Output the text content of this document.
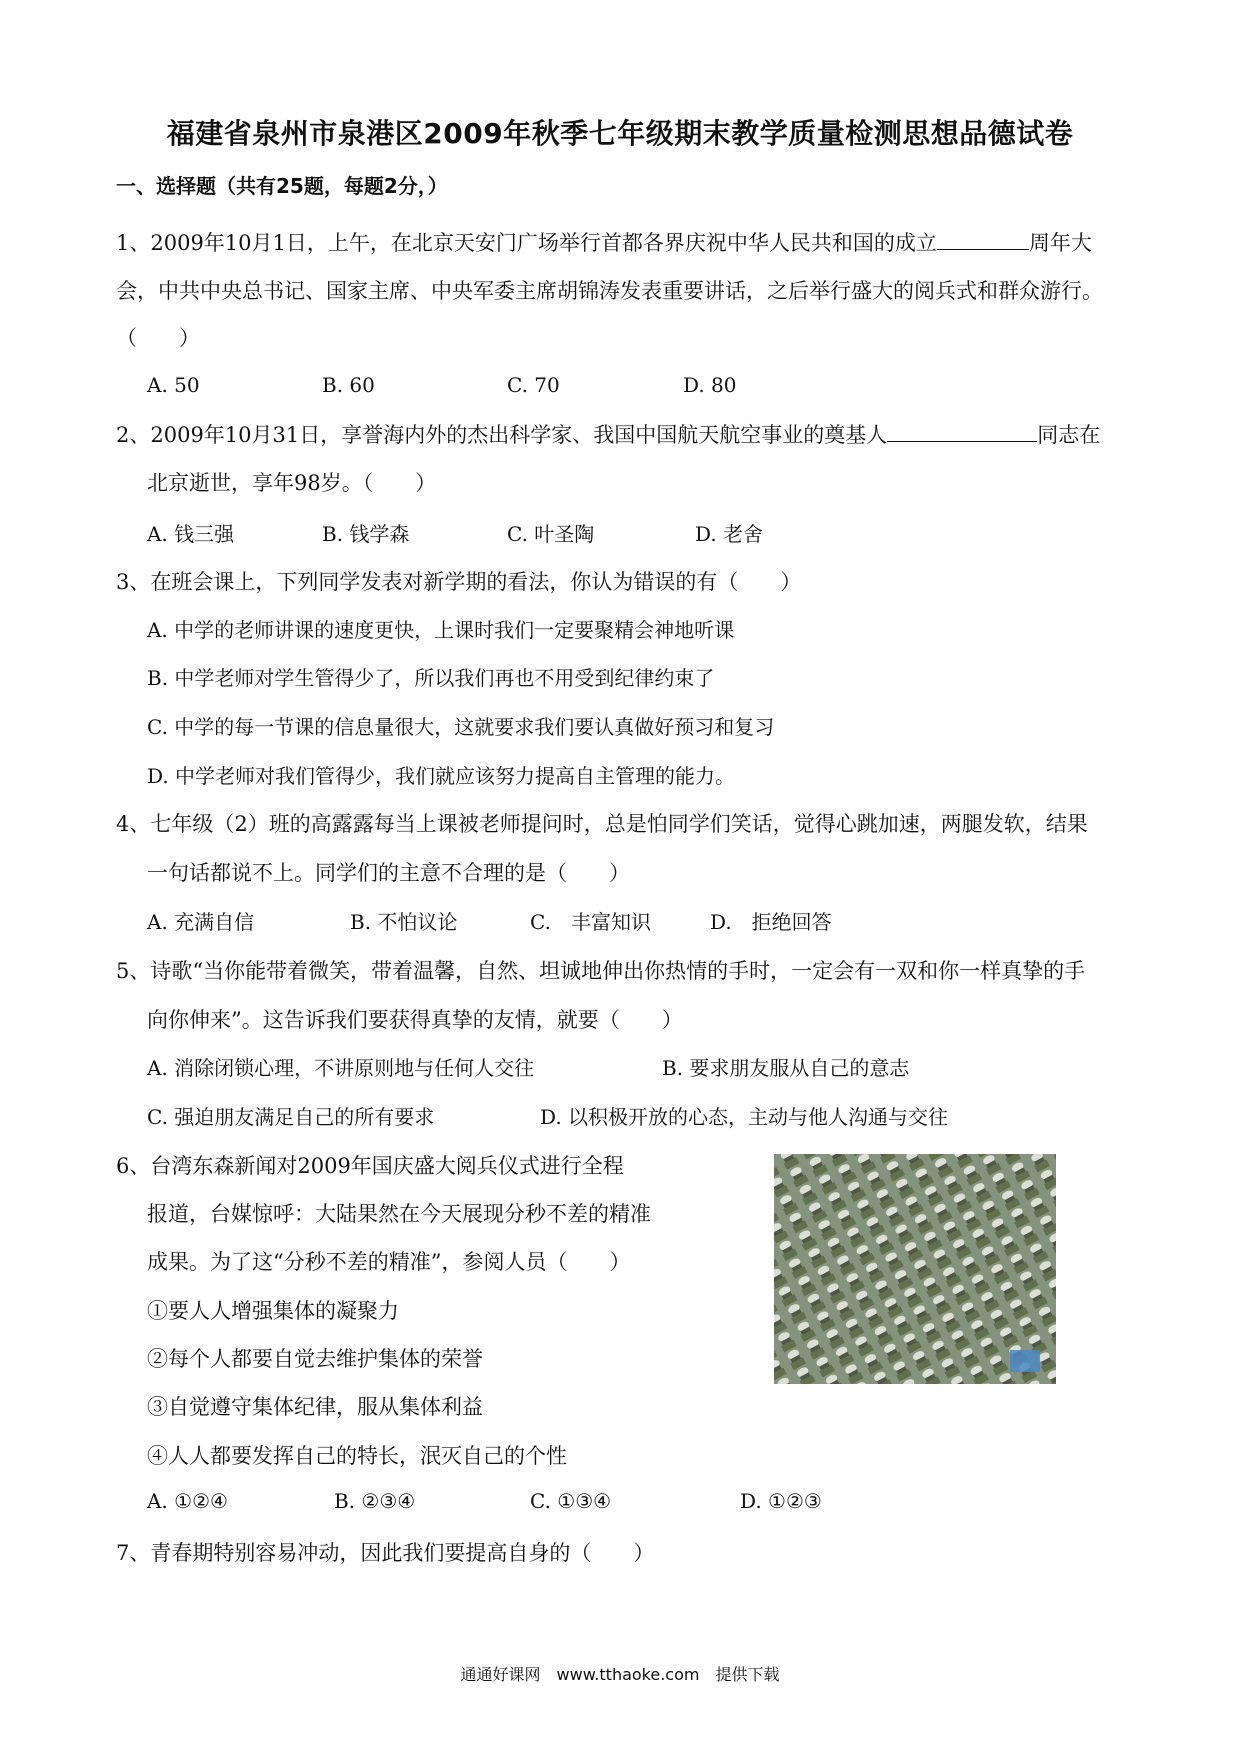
福建省泉州市泉港区2009年秋季七年级期末教学质量检测思想品德试卷
一、选择题（共有25题，每题2分，）
1、2009年10月1日，上午，在北京天安门广场举行首都各界庆祝中华人民共和国的成立	周年大
会，中共中央总书记、国家主席、中央军委主席胡锦涛发表重要讲话，之后举行盛大的阅兵式和群众游行。
（　　）
A. 50	B. 60	C. 70	D. 80
2、2009年10月31日，享誉海内外的杰出科学家、我国中国航天航空事业的奠基人	同志在
北京逝世，享年98岁。（　　）
A. 钱三强	B. 钱学森	C. 叶圣陶	D. 老舍
3、在班会课上，下列同学发表对新学期的看法，你认为错误的有（　　）
A. 中学的老师讲课的速度更快，上课时我们一定要聚精会神地听课
B. 中学老师对学生管得少了，所以我们再也不用受到纪律约束了
C. 中学的每一节课的信息量很大，这就要求我们要认真做好预习和复习
D. 中学老师对我们管得少，我们就应该努力提高自主管理的能力。
4、七年级（2）班的高露露每当上课被老师提问时，总是怕同学们笑话，觉得心跳加速，两腿发软，结果
一句话都说不上。同学们的主意不合理的是（　　）
A. 充满自信	B. 不怕议论	C.　丰富知识	D.　拒绝回答
5、诗歌“当你能带着微笑，带着温馨，自然、坦诚地伸出你热情的手时，一定会有一双和你一样真挚的手
向你伸来”。这告诉我们要获得真挚的友情，就要（　　）
A. 消除闭锁心理，不讲原则地与任何人交往	B. 要求朋友服从自己的意志
C. 强迫朋友满足自己的所有要求	D. 以积极开放的心态，主动与他人沟通与交往
6、台湾东森新闻对2009年国庆盛大阅兵仪式进行全程
报道，台媒惊呼：大陆果然在今天展现分秒不差的精准
成果。为了这“分秒不差的精准”，参阅人员（　　）
①要人人增强集体的凝聚力
②每个人都要自觉去维护集体的荣誉
③自觉遵守集体纪律，服从集体利益
④人人都要发挥自己的特长，泯灭自己的个性
A. ①②④	B. ②③④	C. ①③④	D. ①②③
7、青春期特别容易冲动，因此我们要提高自身的（　　）
通通好课网　www.tthaoke.com　提供下载
